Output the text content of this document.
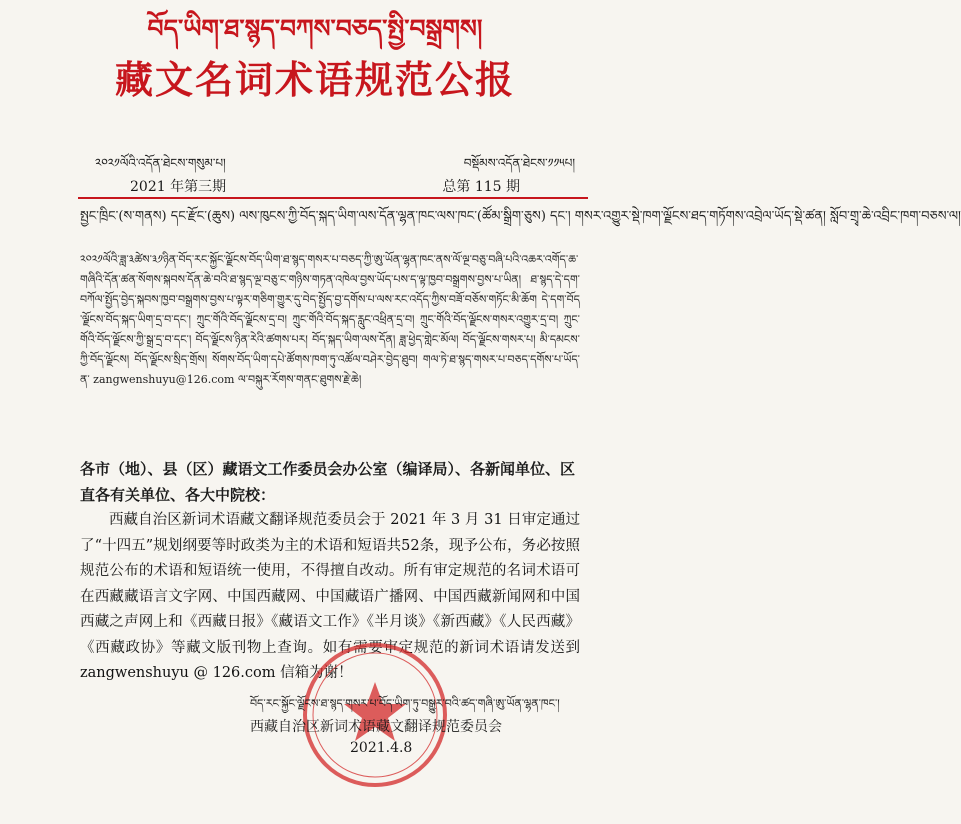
བོད་ཡིག་ཐ་སྙད་བཀས་བཅད་སྤྱི་བསྒྲགས།
藏文名词术语规范公报
༢༠༢༡ལོའི་འདོན་ཐེངས་གསུམ་པ།	བསྡོམས་འདོན་ཐེངས་༡༡༥པ།
2021 年第三期	总第 115 期
སྤྱང་ཁྲིང་(ས་གནས) དང་རྫོང་(ཆུས) ལས་ཁུངས་ཀྱི་བོད་སྐད་ཡིག་ལས་དོན་ལྷན་ཁང་ལས་ཁང་(ཚོམ་སྒྲིག་ཅུས) དང་། གསར་འགྱུར་སྡེ་ཁག་ལྗོངས་ཐད་གཏོགས་འབྲེལ་ཡོད་སྡེ་ཚན། སློབ་གྲྭ་ཆེ་འབྲིང་ཁག་བཅས་ལ།
༢༠༢༡ལོའི་ཟླ་༣ཚེས་༣༡ཉིན་བོད་རང་སྐྱོང་ལྗོངས་བོད་ཡིག་ཐ་སྙད་གསར་པ་བཅད་ཀྱི་ཨུ་ཡོན་ལྷན་ཁང་ནས་ལོ་ལྔ་བཅུ་བཞི་པའི་འཆར་འགོད་ཆ་གཞིའི་དོན་ཚན་སོགས་སྐབས་དོན་ཆེ་བའི་ཐ་སྙད་ལྔ་བཅུ་ང་གཉིས་གཏན་འཁེལ་བྱས་ཡོད་པས་ད་ལྟ་ཁྱབ་བསྒྲགས་བྱས་པ་ཡིན། ཐ་སྙད་དེ་དག་བཀོལ་སྤྱོད་བྱེད་སྐབས་ཁྱབ་བསྒྲགས་བྱས་པ་ལྟར་གཅིག་གྱུར་དུ་བེད་སྤྱོད་བྱ་དགོས་པ་ལས་རང་འདོད་ཀྱིས་བཟོ་བཅོས་གཏོང་མི་ཆོག དེ་དག་བོད་ལྗོངས་བོད་སྐད་ཡིག་དྲ་བ་དང་། ཀྲུང་གོའི་བོད་ལྗོངས་དྲ་བ། ཀྲུང་གོའི་བོད་སྐད་རླུང་འཕྲིན་དྲ་བ། ཀྲུང་གོའི་བོད་ལྗོངས་གསར་འགྱུར་དྲ་བ། ཀྲུང་གོའི་བོད་ལྗོངས་ཀྱི་སྒྲ་དྲ་བ་དང་། བོད་ལྗོངས་ཉིན་རེའི་ཚགས་པར། བོད་སྐད་ཡིག་ལས་དོན། ཟླ་ཕྱེད་གླེང་མོལ། བོད་ལྗོངས་གསར་པ། མི་དམངས་ཀྱི་བོད་ལྗོངས། བོད་ལྗོངས་སྲིད་གྲོས། སོགས་བོད་ཡིག་དཔེ་ཚོགས་ཁག་ཏུ་འཚོལ་བཤེར་བྱེད་ཐུབ། གལ་ཏེ་ཐ་སྙད་གསར་པ་བཅད་དགོས་པ་ཡོད་ན་ zangwenshuyu@126.com ལ་བསྐུར་རོགས་གནང་ཐུགས་རྗེ་ཆེ།
各市（地）、县（区）藏语文工作委员会办公室（编译局）、各新闻单位、区直各有关单位、各大中院校：
西藏自治区新词术语藏文翻译规范委员会于 2021 年 3 月 31 日审定通过了“十四五”规划纲要等时政类为主的术语和短语共52条，现予公布，务必按照规范公布的术语和短语统一使用，不得擅自改动。所有审定规范的名词术语可在西藏藏语言文字网、中国西藏网、中国藏语广播网、中国西藏新闻网和中国西藏之声网上和《西藏日报》《藏语文工作》《半月谈》《新西藏》《人民西藏》《西藏政协》等藏文版刊物上查询。如有需要审定规范的新词术语请发送到 zangwenshuyu @ 126.com 信箱为谢！
བོད་རང་སྐྱོང་ལྗོངས་ཐ་སྙད་གསར་པ་བོད་ཡིག་ཏུ་བསྒྱུར་བའི་ཚད་གཞི་ཨུ་ཡོན་ལྷན་ཁང་།
西藏自治区新词术语藏文翻译规范委员会
2021.4.8
